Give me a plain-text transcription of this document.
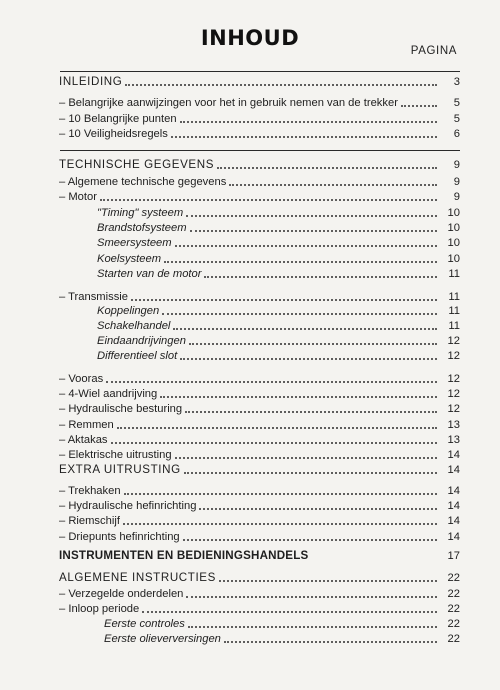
INHOUD
PAGINA
INLEIDING	3
– Belangrijke aanwijzingen voor het in gebruik nemen van de trekker	5
– 10 Belangrijke punten	5
– 10 Veiligheidsregels	6
TECHNISCHE GEGEVENS	9
– Algemene technische gegevens	9
– Motor	9
"Timing" systeem	10
Brandstofsysteem	10
Smeersysteem	10
Koelsysteem	10
Starten van de motor	11
– Transmissie	11
Koppelingen	11
Schakelhandel	11
Eindaandrijvingen	12
Differentieel slot	12
– Vooras	12
– 4-Wiel aandrijving	12
– Hydraulische besturing	12
– Remmen	13
– Aktakas	13
– Elektrische uitrusting	14
EXTRA UITRUSTING	14
– Trekhaken	14
– Hydraulische hefinrichting	14
– Riemschijf	14
– Driepunts hefinrichting	14
INSTRUMENTEN EN BEDIENINGSHANDELS	17
ALGEMENE INSTRUCTIES	22
– Verzegelde onderdelen	22
– Inloop periode	22
Eerste controles	22
Eerste olieverversingen	22
